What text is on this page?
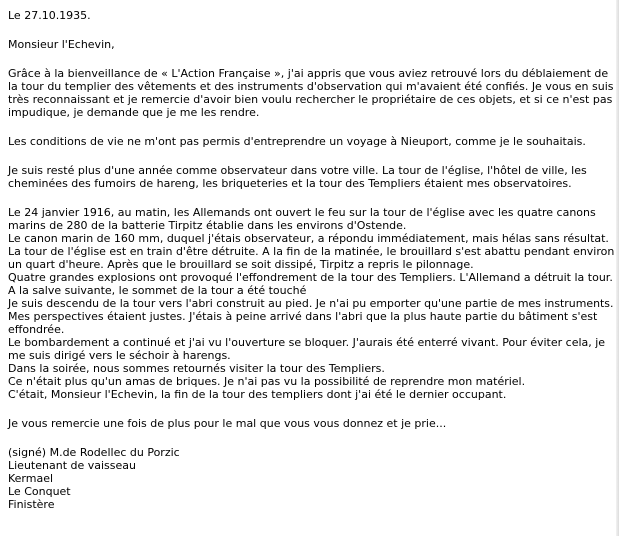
Le 27.10.1935.
Monsieur l'Echevin,
Grâce à la bienveillance de « L'Action Française », j'ai appris que vous aviez retrouvé lors du déblaiement de
la tour du templier des vêtements et des instruments d'observation qui m'avaient été confiés. Je vous en suis
très reconnaissant et je remercie d'avoir bien voulu rechercher le propriétaire de ces objets, et si ce n'est pas
impudique, je demande que je me les rendre.
Les conditions de vie ne m'ont pas permis d'entreprendre un voyage à Nieuport, comme je le souhaitais.
Je suis resté plus d'une année comme observateur dans votre ville. La tour de l'église, l'hôtel de ville, les
cheminées des fumoirs de hareng, les briqueteries et la tour des Templiers étaient mes observatoires.
Le 24 janvier 1916, au matin, les Allemands ont ouvert le feu sur la tour de l'église avec les quatre canons
marins de 280 de la batterie Tirpitz établie dans les environs d'Ostende.
Le canon marin de 160 mm, duquel j'étais observateur, a répondu immédiatement, mais hélas sans résultat.
La tour de l'église est en train d'être détruite. A la fin de la matinée, le brouillard s'est abattu pendant environ
un quart d'heure. Après que le brouillard se soit dissipé, Tirpitz a repris le pilonnage.
Quatre grandes explosions ont provoqué l'effondrement de la tour des Templiers. L'Allemand a détruit la tour.
A la salve suivante, le sommet de la tour a été touché
Je suis descendu de la tour vers l'abri construit au pied. Je n'ai pu emporter qu'une partie de mes instruments.
Mes perspectives étaient justes. J'étais à peine arrivé dans l'abri que la plus haute partie du bâtiment s'est
effondrée.
Le bombardement a continué et j'ai vu l'ouverture se bloquer. J'aurais été enterré vivant. Pour éviter cela, je
me suis dirigé vers le séchoir à harengs.
Dans la soirée, nous sommes retournés visiter la tour des Templiers.
Ce n'était plus qu'un amas de briques. Je n'ai pas vu la possibilité de reprendre mon matériel.
C'était, Monsieur l'Echevin, la fin de la tour des templiers dont j'ai été le dernier occupant.
Je vous remercie une fois de plus pour le mal que vous vous donnez et je prie...
(signé) M.de Rodellec du Porzic
Lieutenant de vaisseau
Kermael
Le Conquet
Finistère
